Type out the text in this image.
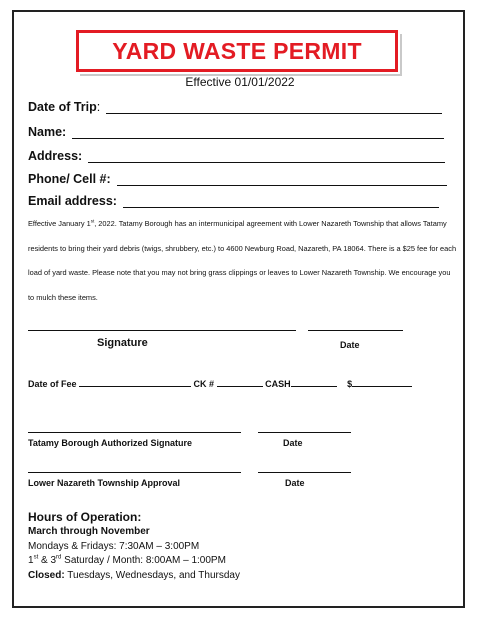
YARD WASTE PERMIT
Effective 01/01/2022
Date of Trip :
Name:
Address:
Phone/ Cell #:
Email address:

Effective January 1st, 2022. Tatamy Borough has an intermunicipal agreement with Lower Nazareth Township that allows Tatamy residents to bring their yard debris (twigs, shrubbery, etc.) to 4600 Newburg Road, Nazareth, PA 18064. There is a $25 fee for each load of yard waste. Please note that you may not bring grass clippings or leaves to Lower Nazareth Township. We encourage you to mulch these items.

Signature	Date
Date of Fee	CK #	CASH	$
Tatamy Borough Authorized Signature	Date
Lower Nazareth Township Approval	Date
Hours of Operation:
March through November
Mondays & Fridays: 7:30AM – 3:00PM
1st & 3rd Saturday / Month: 8:00AM – 1:00PM
Closed: Tuesdays, Wednesdays, and Thursday
